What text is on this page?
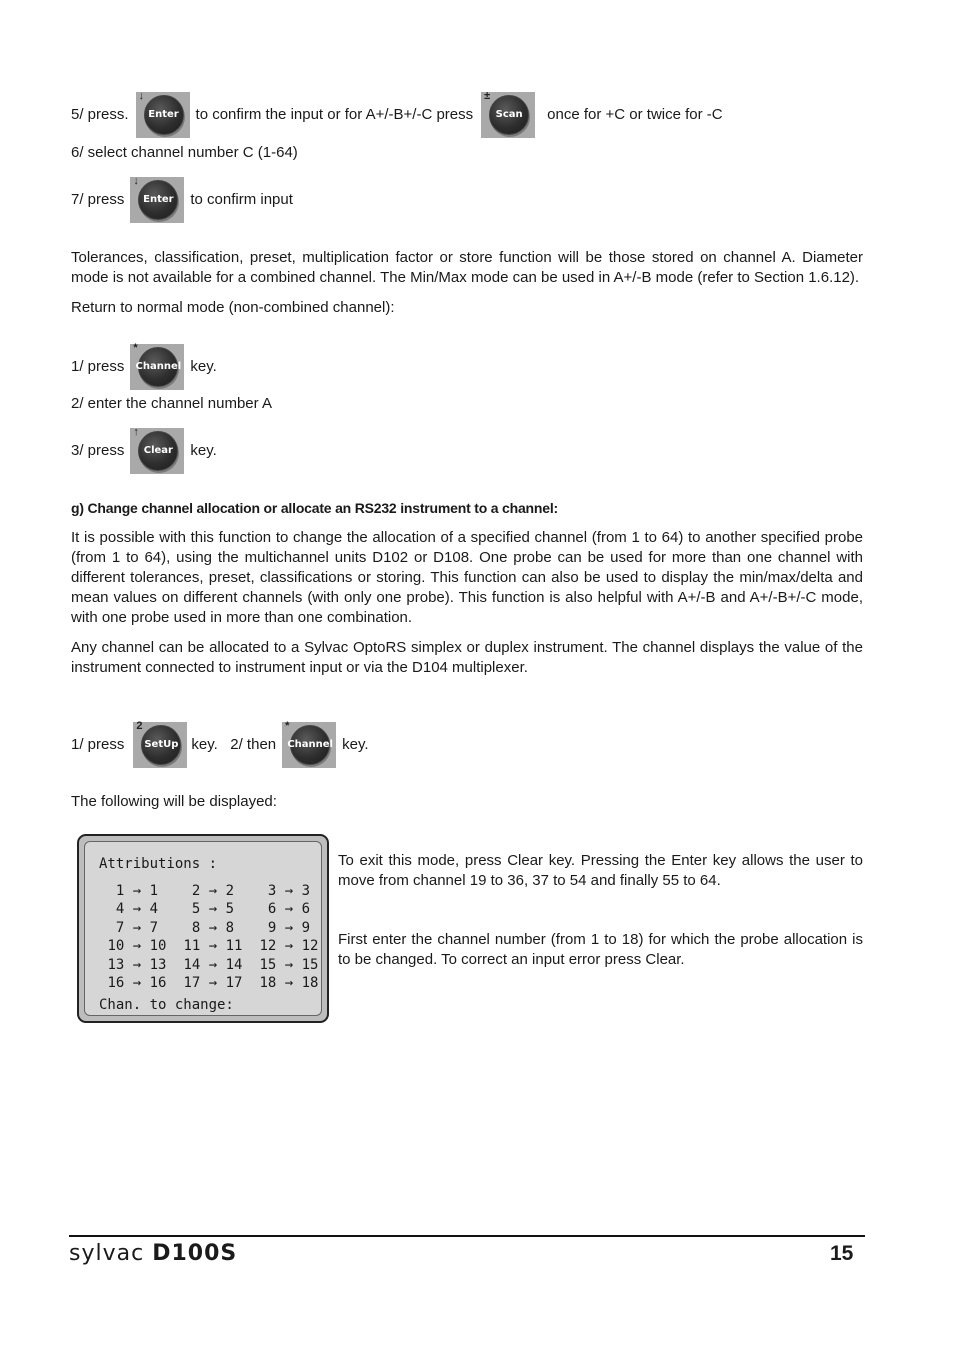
5/ press.
↓
Enter to confirm the input or for A+/-B+/-C press
±
Scan once for +C or twice for -C
6/ select channel number C (1-64)
7/ press
↓
Enter to confirm input

Tolerances, classification, preset, multiplication factor or store function will be those stored on channel A. Diameter mode is not available for a combined channel. The Min/Max mode can be used in A+/-B mode (refer to Section 1.6.12).

Return to normal mode (non-combined channel):

1/ press
*
Channel key.
2/ enter the channel number A
3/ press
↑
Clear key.
g) Change channel allocation or allocate an RS232 instrument to a channel:

It is possible with this function to change the allocation of a specified channel (from 1 to 64) to another specified probe (from 1 to 64), using the multichannel units D102 or D108. One probe can be used for more than one channel with different tolerances, preset, classifications or storing. This function can also be used to display the min/max/delta and mean values on different channels (with only one probe). This function is also helpful with A+/-B and A+/-B+/-C mode, with one probe used in more than one combination.

Any channel can be allocated to a Sylvac OptoRS simplex or duplex instrument. The channel displays the value of the instrument connected to instrument input or via the D104 multiplexer.

1/ press
2
SetUp key.   2/ then
*
Channel key.

The following will be displayed:

Attributions :
1 → 1	2 → 2	3 → 3
4 → 4	5 → 5	6 → 6
7 → 7	8 → 8	9 → 9
10 → 10	11 → 11	12 → 12
13 → 13	14 → 14	15 → 15
16 → 16	17 → 17	18 → 18
Chan. to change:

To exit this mode, press Clear key. Pressing the Enter key allows the user to move from channel 19 to 36, 37 to 54 and finally 55 to 64.

First enter the channel number (from 1 to 18) for which the probe allocation is to be changed. To correct an input error press Clear.

sylvac D100S	15
